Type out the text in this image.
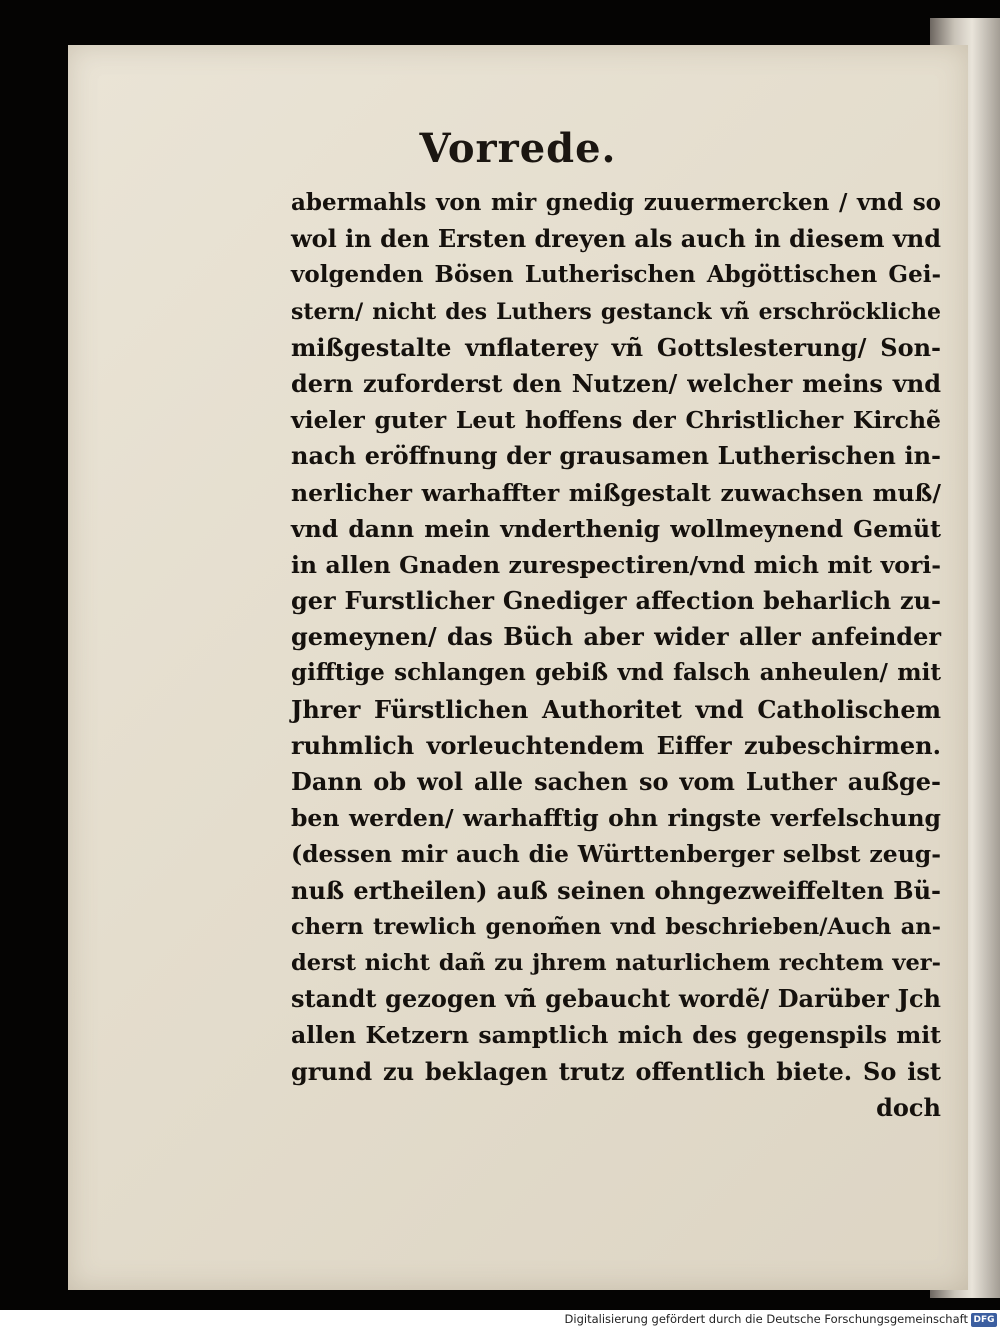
Vorrede.
abermahls von mir gnedig zuuermercken / vnd so
wol in den Ersten dreyen als auch in diesem vnd
volgenden Bösen Lutherischen Abgöttischen Gei-
stern/ nicht des Luthers gestanck vñ erschröckliche
mißgestalte vnflaterey vñ Gottslesterung/ Son-
dern zuforderst den Nutzen/ welcher meins vnd
vieler guter Leut hoffens der Christlicher Kirchẽ
nach eröffnung der grausamen Lutherischen in-
nerlicher warhaffter mißgestalt zuwachsen muß/
vnd dann mein vnderthenig wollmeynend Gemüt
in allen Gnaden zurespectiren/vnd mich mit vori-
ger Furstlicher Gnediger affection beharlich zu-
gemeynen/ das Büch aber wider aller anfeinder
gifftige schlangen gebiß vnd falsch anheulen/ mit
Jhrer Fürstlichen Authoritet vnd Catholischem
ruhmlich vorleuchtendem Eiffer zubeschirmen.
Dann ob wol alle sachen so vom Luther außge-
ben werden/ warhafftig ohn ringste verfelschung
(dessen mir auch die Württenberger selbst zeug-
nuß ertheilen) auß seinen ohngezweiffelten Bü-
chern trewlich genom̃en vnd beschrieben/Auch an-
derst nicht dañ zu jhrem naturlichem rechtem ver-
standt gezogen vñ gebaucht wordẽ/ Darüber Jch
allen Ketzern samptlich mich des gegenspils mit
grund zu beklagen trutz offentlich biete. So ist
doch
Digitalisierung gefördert durch die Deutsche Forschungsgemeinschaft DFG
